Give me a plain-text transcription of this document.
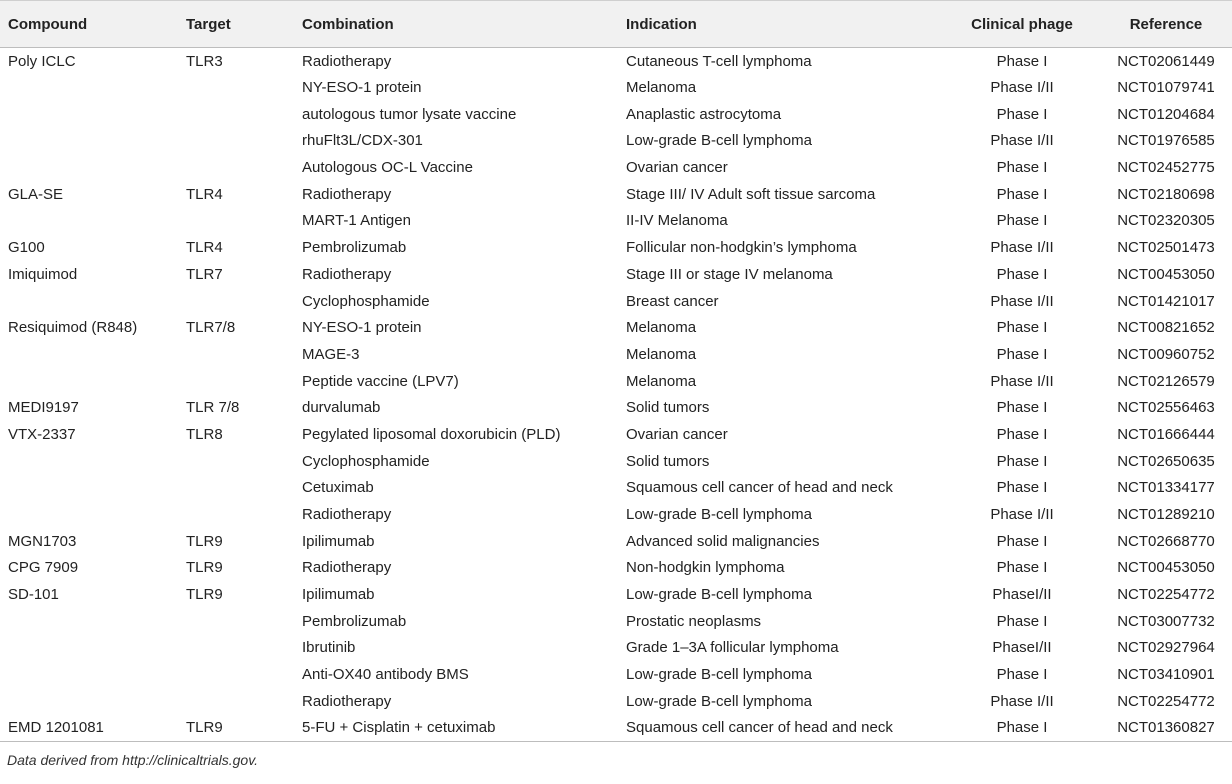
Compound	Target	Combination	Indication	Clinical phage	Reference
Poly ICLC	TLR3	Radiotherapy	Cutaneous T-cell lymphoma	Phase I	NCT02061449
		NY-ESO-1 protein	Melanoma	Phase I/II	NCT01079741
		autologous tumor lysate vaccine	Anaplastic astrocytoma	Phase I	NCT01204684
		rhuFlt3L/CDX-301	Low-grade B-cell lymphoma	Phase I/II	NCT01976585
		Autologous OC-L Vaccine	Ovarian cancer	Phase I	NCT02452775
GLA-SE	TLR4	Radiotherapy	Stage III/ IV Adult soft tissue sarcoma	Phase I	NCT02180698
		MART-1 Antigen	II-IV Melanoma	Phase I	NCT02320305
G100	TLR4	Pembrolizumab	Follicular non-hodgkin’s lymphoma	Phase I/II	NCT02501473
Imiquimod	TLR7	Radiotherapy	Stage III or stage IV melanoma	Phase I	NCT00453050
		Cyclophosphamide	Breast cancer	Phase I/II	NCT01421017
Resiquimod (R848)	TLR7/8	NY-ESO-1 protein	Melanoma	Phase I	NCT00821652
		MAGE-3	Melanoma	Phase I	NCT00960752
		Peptide vaccine (LPV7)	Melanoma	Phase I/II	NCT02126579
MEDI9197	TLR 7/8	durvalumab	Solid tumors	Phase I	NCT02556463
VTX-2337	TLR8	Pegylated liposomal doxorubicin (PLD)	Ovarian cancer	Phase I	NCT01666444
		Cyclophosphamide	Solid tumors	Phase I	NCT02650635
		Cetuximab	Squamous cell cancer of head and neck	Phase I	NCT01334177
		Radiotherapy	Low-grade B-cell lymphoma	Phase I/II	NCT01289210
MGN1703	TLR9	Ipilimumab	Advanced solid malignancies	Phase I	NCT02668770
CPG 7909	TLR9	Radiotherapy	Non-hodgkin lymphoma	Phase I	NCT00453050
SD-101	TLR9	Ipilimumab	Low-grade B-cell lymphoma	PhaseI/II	NCT02254772
		Pembrolizumab	Prostatic neoplasms	Phase I	NCT03007732
		Ibrutinib	Grade 1–3A follicular lymphoma	PhaseI/II	NCT02927964
		Anti-OX40 antibody BMS	Low-grade B-cell lymphoma	Phase I	NCT03410901
		Radiotherapy	Low-grade B-cell lymphoma	Phase I/II	NCT02254772
EMD 1201081	TLR9	5-FU + Cisplatin + cetuximab	Squamous cell cancer of head and neck	Phase I	NCT01360827
Data derived from http://clinicaltrials.gov.
